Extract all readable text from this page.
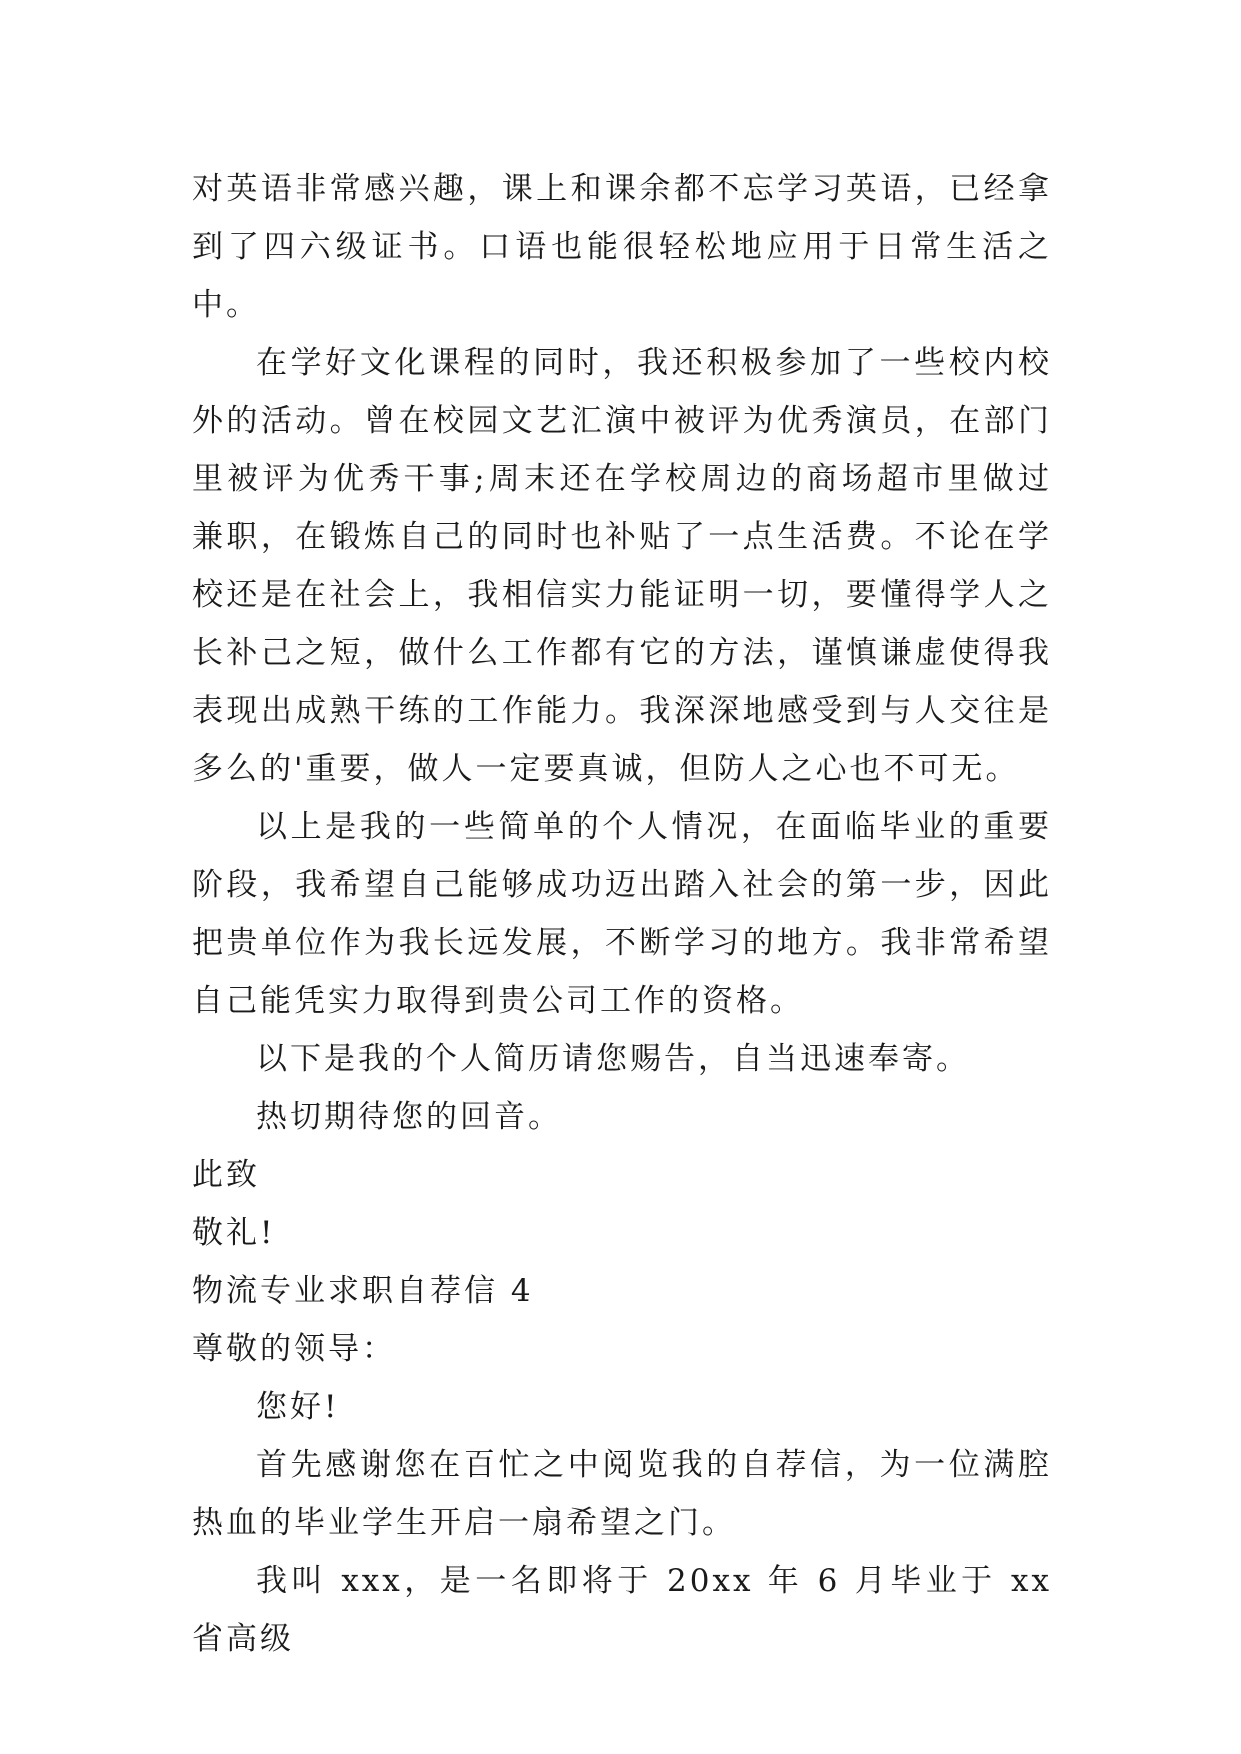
对英语非常感兴趣，课上和课余都不忘学习英语，已经拿到了四六级证书。口语也能很轻松地应用于日常生活之中。

在学好文化课程的同时，我还积极参加了一些校内校外的活动。曾在校园文艺汇演中被评为优秀演员，在部门里被评为优秀干事;周末还在学校周边的商场超市里做过兼职，在锻炼自己的同时也补贴了一点生活费。不论在学校还是在社会上，我相信实力能证明一切，要懂得学人之长补己之短，做什么工作都有它的方法，谨慎谦虚使得我表现出成熟干练的工作能力。我深深地感受到与人交往是多么的'重要，做人一定要真诚，但防人之心也不可无。

以上是我的一些简单的个人情况，在面临毕业的重要阶段，我希望自己能够成功迈出踏入社会的第一步，因此把贵单位作为我长远发展，不断学习的地方。我非常希望自己能凭实力取得到贵公司工作的资格。

以下是我的个人简历请您赐告，自当迅速奉寄。

热切期待您的回音。

此致

敬礼!

物流专业求职自荐信 4

尊敬的领导：

您好!

首先感谢您在百忙之中阅览我的自荐信，为一位满腔热血的毕业学生开启一扇希望之门。

我叫 xxx，是一名即将于 20xx 年 6 月毕业于 xx 省高级
